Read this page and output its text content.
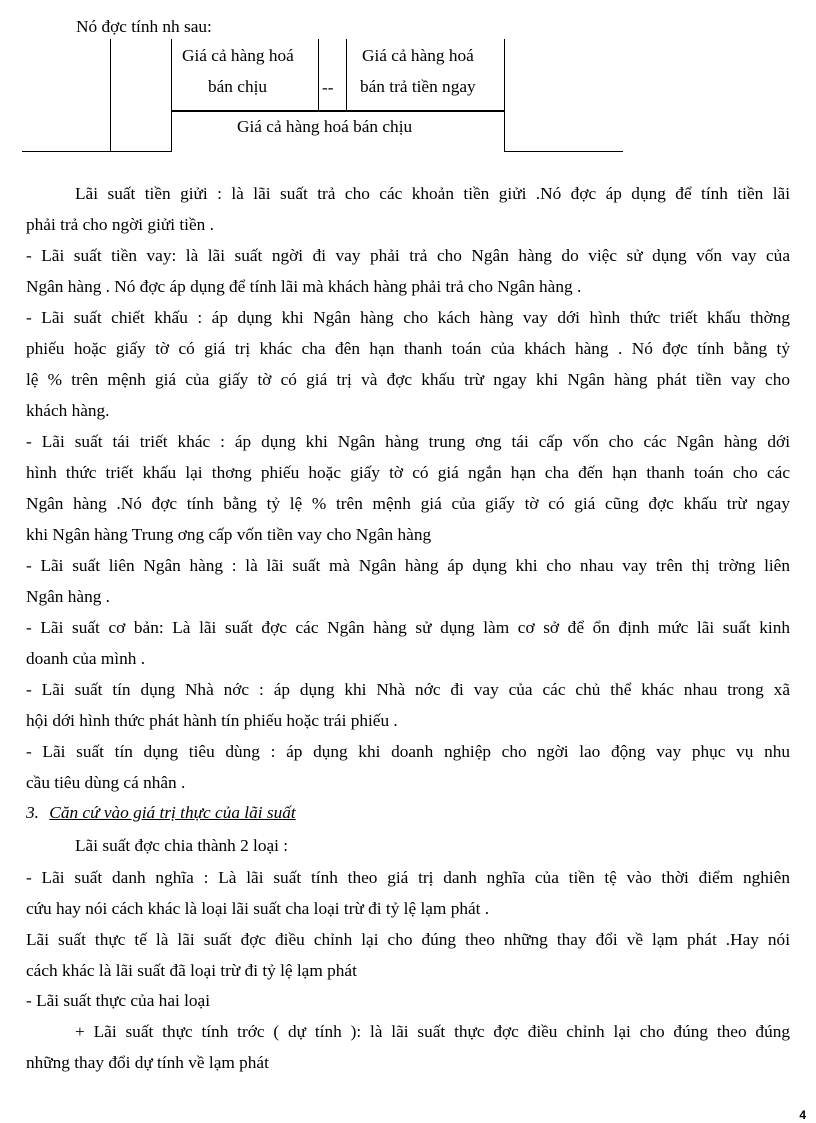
Nó đợc tính nh sau:
Giá cả hàng hoá
bán chịu	--
Giá cả hàng hoá
bán trả tiền ngay
Giá cả hàng hoá bán chịu
Lãi suất tiền giửi : là lãi suất trả cho các khoản tiền giửi .Nó đợc áp dụng để tính tiền lãi
phải trả cho ngời giửi tiền .
- Lãi suất tiền vay: là lãi suất ngời đi vay phải trả cho Ngân hàng do việc sử dụng vốn vay của
Ngân hàng . Nó đợc áp dụng để tính lãi mà khách hàng phải trả cho Ngân hàng .
- Lãi suất chiết khấu : áp dụng khi Ngân hàng cho kách hàng vay dới hình thức triết khấu thờng
phiếu hoặc giấy tờ có giá trị khác cha đên hạn thanh toán của khách hàng . Nó đợc tính bằng tỷ
lệ % trên mệnh giá của giấy tờ có giá trị và đợc khấu trừ ngay khi Ngân hàng phát tiền vay cho
khách hàng.
- Lãi suất tái triết khác : áp dụng khi Ngân hàng trung ơng tái cấp vốn cho các Ngân hàng dới
hình thức triết khấu lại thơng phiếu hoặc giấy tờ có giá ngắn hạn cha đến hạn thanh toán cho các
Ngân hàng .Nó đợc tính bằng tỷ lệ % trên mệnh giá của giấy tờ có giá cũng đợc khấu trừ ngay
khi Ngân hàng Trung ơng cấp vốn tiền vay cho Ngân hàng
- Lãi suất liên Ngân hàng : là lãi suất mà Ngân hàng áp dụng khi cho nhau vay trên thị trờng liên
Ngân hàng .
- Lãi suất cơ bản: Là lãi suất đợc các Ngân hàng sử dụng làm cơ sở để ổn định mức lãi suất kinh
doanh của mình .
- Lãi suất tín dụng Nhà nớc : áp dụng khi Nhà nớc đi vay của các chủ thể khác nhau trong xã
hội dới hình thức phát hành tín phiếu hoặc trái phiếu .
- Lãi suất tín dụng tiêu dùng : áp dụng khi doanh nghiệp cho ngời lao động vay phục vụ nhu
cầu tiêu dùng cá nhân .
3. Căn cứ vào giá trị thực của lãi suất
Lãi suất đợc chia thành 2 loại :
- Lãi suất danh nghĩa : Là lãi suất tính theo giá trị danh nghĩa của tiền tệ vào thời điểm nghiên
cứu hay nói cách khác là loại lãi suất cha loại trừ đi tỷ lệ lạm phát .
Lãi suất thực tế là lãi suất đợc điều chỉnh lại cho đúng theo những thay đổi về lạm phát .Hay nói
cách khác là lãi suất đã loại trừ đi tỷ lệ lạm phát
- Lãi suất thực của hai loại
+ Lãi suất thực tính trớc ( dự tính ): là lãi suất thực đợc điều chỉnh lại cho đúng theo đúng
những thay đổi dự tính về lạm phát
4
